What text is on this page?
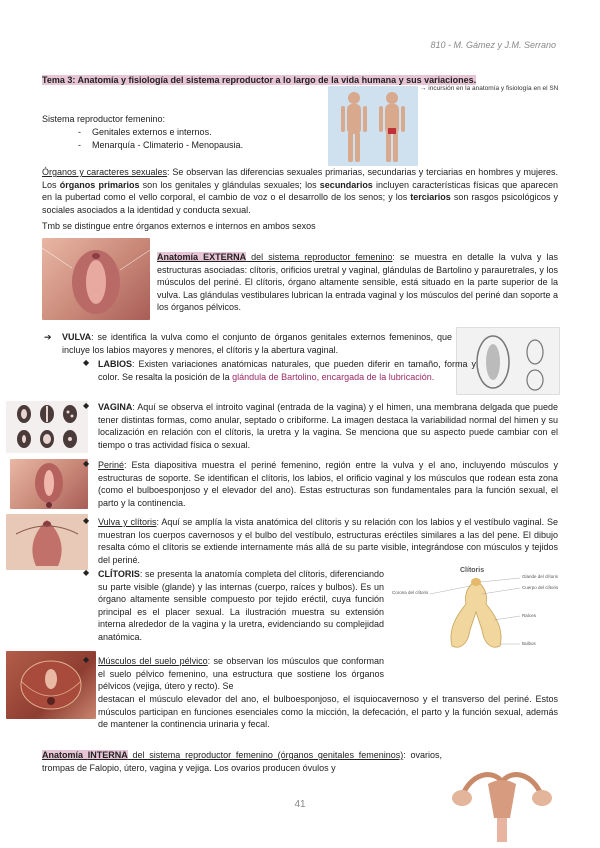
810 - M. Gámez y J.M. Serrano
Tema 3: Anatomía y fisiología del sistema reproductor a lo largo de la vida humana y sus variaciones.
→ incursión en la anatomía y fisiología en el SN
Sistema reproductor femenino:
- Genitales externos e internos.
- Menarquía - Climaterio - Menopausia.

Órganos y caracteres sexuales: Se observan las diferencias sexuales primarias, secundarias y terciarias en hombres y mujeres. Los órganos primarios son los genitales y glándulas sexuales; los secundarios incluyen características físicas que aparecen en la pubertad como el vello corporal, el cambio de voz o el desarrollo de los senos; y los terciarios son rasgos psicológicos y sociales asociados a la identidad y conducta sexual.

Tmb se distingue entre órganos externos e internos en ambos sexos

Anatomía EXTERNA del sistema reproductor femenino: se muestra en detalle la vulva y las estructuras asociadas: clítoris, orificios uretral y vaginal, glándulas de Bartolino y parauretrales, y los músculos del periné. El clítoris, órgano altamente sensible, está situado en la parte superior de la vulva. Las glándulas vestibulares lubrican la entrada vaginal y los músculos del periné dan soporte a los órganos pélvicos.

➔ VULVA: se identifica la vulva como el conjunto de órganos genitales externos femeninos, que incluye los labios mayores y menores, el clítoris y la abertura vaginal.

◆ LABIOS: Existen variaciones anatómicas naturales, que pueden diferir en tamaño, forma y color. Se resalta la posición de la glándula de Bartolino, encargada de la lubricación.

◆ VAGINA: Aquí se observa el introito vaginal (entrada de la vagina) y el himen, una membrana delgada que puede tener distintas formas, como anular, septado o cribiforme. La imagen destaca la variabilidad normal del himen y su localización en relación con el clítoris, la uretra y la vagina. Se menciona que su aspecto puede cambiar con el tiempo o tras actividad física o sexual.

◆ Periné: Esta diapositiva muestra el periné femenino, región entre la vulva y el ano, incluyendo músculos y estructuras de soporte. Se identifican el clítoris, los labios, el orificio vaginal y los músculos que rodean esta zona (como el bulboesponjoso y el elevador del ano). Estas estructuras son fundamentales para la función sexual, el parto y la continencia.

◆ Vulva y clítoris: Aquí se amplía la vista anatómica del clítoris y su relación con los labios y el vestíbulo vaginal. Se muestran los cuerpos cavernosos y el bulbo del vestíbulo, estructuras eréctiles similares a las del pene. El dibujo resalta cómo el clítoris se extiende internamente más allá de su parte visible, integrándose con músculos y tejidos del periné.

◆ CLÍTORIS: se presenta la anatomía completa del clítoris, diferenciando su parte visible (glande) y las internas (cuerpo, raíces y bulbos). Es un órgano altamente sensible compuesto por tejido eréctil, cuya función principal es el placer sexual. La ilustración muestra su extensión interna alrededor de la vagina y la uretra, evidenciando su complejidad anatómica.

Clítoris
Corona del clítoris
Glande del clítoris
Cuerpo del clítoris
Raíces
Bulbos
◆ Músculos del suelo pélvico: se observan los músculos que conforman el suelo pélvico femenino, una estructura que sostiene los órganos pélvicos (vejiga, útero y recto). Se

destacan el músculo elevador del ano, el bulboesponjoso, el isquiocavernoso y el transverso del periné. Estos músculos participan en funciones esenciales como la micción, la defecación, el parto y la función sexual, además de mantener la continencia urinaria y fecal.

Anatomía INTERNA del sistema reproductor femenino (órganos genitales femeninos): ovarios, trompas de Falopio, útero, vagina y vejiga. Los ovarios producen óvulos y

41
